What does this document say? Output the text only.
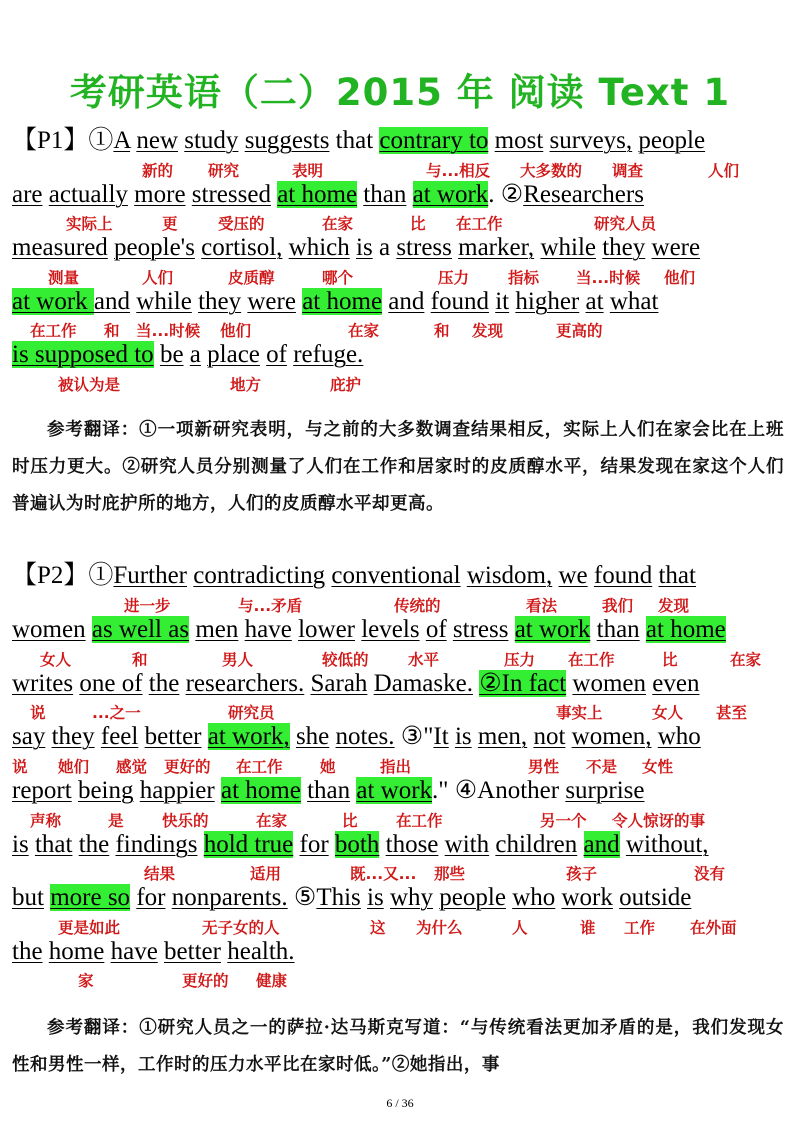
考研英语（二）2015 年 阅读 Text 1
【P1】①A new study suggests that contrary to most surveys, people
are actually more stressed at home than at work. ②Researchers
measured people's cortisol, which is a stress marker, while they were
at work and while they were at home and found it higher at what
is supposed to be a place of refuge.
新的 研究	表明	与...相反 大多数的 调查	人们
实际上	更	受压的	在家	比 在工作	研究人员
测量	人们	皮质醇	哪个	压力	指标 当...时候 他们
在工作 和 当...时候 他们	在家	和 发现	更高的
被认为是	地方	庇护
参考翻译：①一项新研究表明，与之前的大多数调查结果相反，实际上人们在家会比在上班时压力更大。②研究人员分别测量了人们在工作和居家时的皮质醇水平，结果发现在家这个人们普遍认为时庇护所的地方，人们的皮质醇水平却更高。
【P2】①Further contradicting conventional wisdom, we found that
women as well as men have lower levels of stress at work than at home
writes one of the researchers. Sarah Damaske. ②In fact women even
say they feel better at work, she notes. ③"It is men, not women, who
report being happier at home than at work." ④Another surprise
is that the findings hold true for both those with children and without,
but more so for nonparents. ⑤This is why people who work outside
the home have better health.
进一步	与...矛盾	传统的	看法	我们 发现
女人	和	男人	较低的	水平	压力 在工作	比	在家
说	...之一	研究员	事实上	女人 甚至
说 她们 感觉 更好的 在工作 她	指出	男性 不是 女性
声称	是 快乐的	在家	比 在工作	另一个 令人惊讶的事
结果	适用	既...又... 那些	孩子	没有
更是如此	无子女的人	这 为什么	人	谁 工作 在外面
家	更好的 健康
参考翻译：①研究人员之一的萨拉·达马斯克写道：“与传统看法更加矛盾的是，我们发现女性和男性一样，工作时的压力水平比在家时低。”②她指出，事
6 / 36
